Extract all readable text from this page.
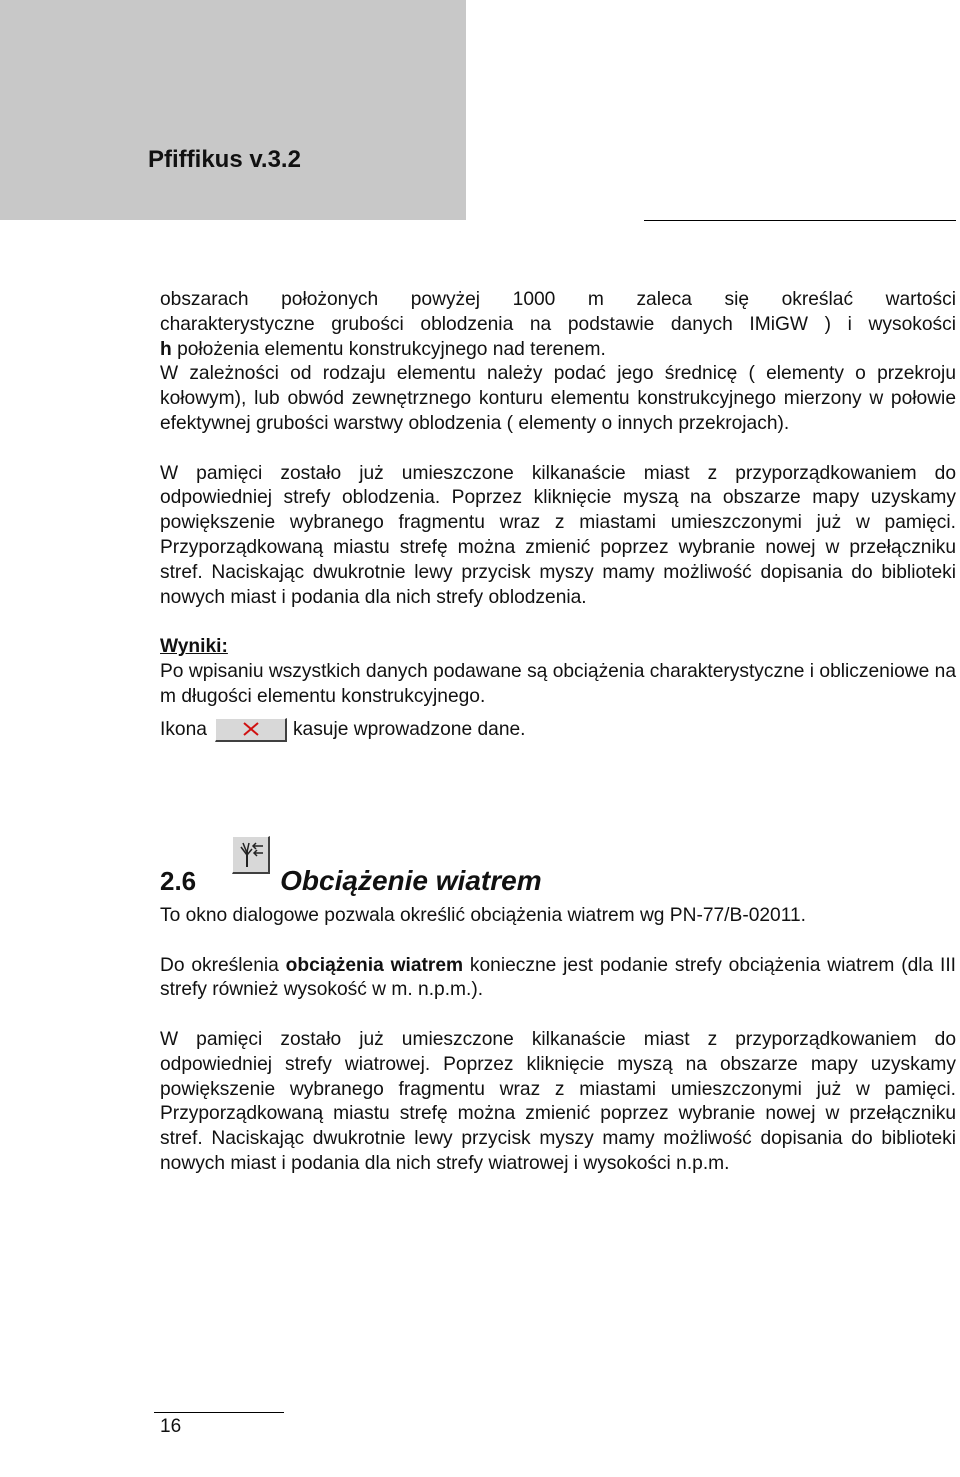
Pfiffikus v.3.2

obszarach położonych powyżej 1000 m zaleca się określać wartości

charakterystyczne grubości oblodzenia na podstawie danych IMiGW ) i wysokości

h położenia elementu konstrukcyjnego nad terenem.

W zależności od rodzaju elementu należy podać jego średnicę ( elementy o przekroju kołowym), lub obwód zewnętrznego konturu elementu konstrukcyjnego mierzony w połowie efektywnej grubości warstwy oblodzenia ( elementy o innych przekrojach).

W pamięci zostało już umieszczone kilkanaście miast z przyporządkowaniem do odpowiedniej strefy oblodzenia. Poprzez kliknięcie myszą na obszarze mapy uzyskamy powiększenie wybranego fragmentu wraz z miastami umieszczonymi już w pamięci. Przyporządkowaną miastu strefę można zmienić poprzez wybranie nowej w przełączniku stref. Naciskając dwukrotnie lewy przycisk myszy mamy możliwość dopisania do biblioteki nowych miast i podania dla nich strefy oblodzenia.

Wyniki:

Po wpisaniu wszystkich danych podawane są obciążenia charakterystyczne i obliczeniowe na m długości elementu konstrukcyjnego.

Ikona	kasuje wprowadzone dane.

2.6	Obciążenie wiatrem

To okno dialogowe pozwala określić obciążenia wiatrem wg PN-77/B-02011.

Do określenia obciążenia wiatrem konieczne jest podanie strefy obciążenia wiatrem (dla III strefy również wysokość w m. n.p.m.).

W pamięci zostało już umieszczone kilkanaście miast z przyporządkowaniem do odpowiedniej strefy wiatrowej. Poprzez kliknięcie myszą na obszarze mapy uzyskamy powiększenie wybranego fragmentu wraz z miastami umieszczonymi już w pamięci. Przyporządkowaną miastu strefę można zmienić poprzez wybranie nowej w przełączniku stref. Naciskając dwukrotnie lewy przycisk myszy mamy możliwość dopisania do biblioteki nowych miast i podania dla nich strefy wiatrowej i wysokości n.p.m.

16
